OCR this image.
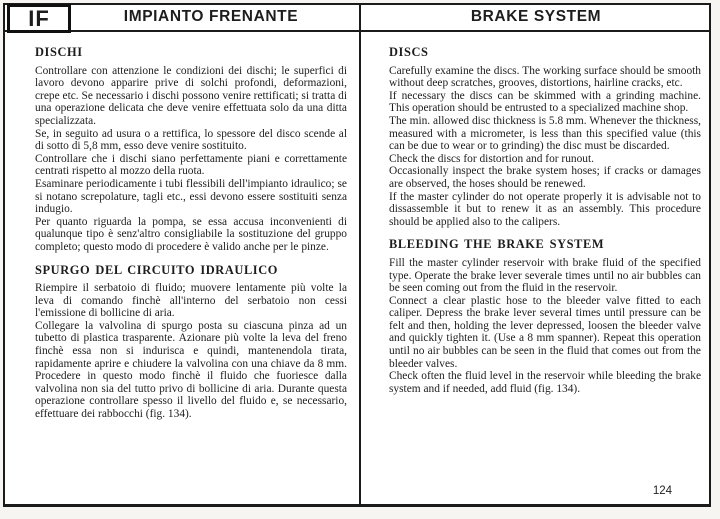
IF	IMPIANTO FRENANTE	BRAKE SYSTEM
DISCHI

Controllare con attenzione le condizioni dei dischi; le superfici di lavoro devono apparire prive di solchi profondi, deformazioni, crepe etc. Se necessario i dischi possono venire rettificati; si tratta di una operazione delicata che deve venire effettuata solo da una ditta specializzata.

Se, in seguito ad usura o a rettifica, lo spessore del disco scende al di sotto di 5,8 mm, esso deve venire sostituito.

Controllare che i dischi siano perfettamente piani e correttamente centrati rispetto al mozzo della ruota.

Esaminare periodicamente i tubi flessibili dell'impianto idraulico; se si notano screpolature, tagli etc., essi devono essere sostituiti senza indugio.

Per quanto riguarda la pompa, se essa accusa inconvenienti di qualunque tipo è senz'altro consigliabile la sostituzione del gruppo completo; questo modo di procedere è valido anche per le pinze.

SPURGO DEL CIRCUITO IDRAULICO

Riempire il serbatoio di fluido; muovere lentamente più volte la leva di comando finchè all'interno del serbatoio non cessi l'emissione di bollicine di aria.

Collegare la valvolina di spurgo posta su ciascuna pinza ad un tubetto di plastica trasparente. Azionare più volte la leva del freno finchè essa non si indurisca e quindi, mantenendola tirata, rapidamente aprire e chiudere la valvolina con una chiave da 8 mm. Procedere in questo modo finchè il fluido che fuoriesce dalla valvolina non sia del tutto privo di bollicine di aria. Durante questa operazione controllare spesso il livello del fluido e, se necessario, effettuare dei rabbocchi (fig. 134).

DISCS

Carefully examine the discs. The working surface should be smooth without deep scratches, grooves, distortions, hairline cracks, etc.

If necessary the discs can be skimmed with a grinding machine. This operation should be entrusted to a specialized machine shop.

The min. allowed disc thickness is 5.8 mm. Whenever the thickness, measured with a micrometer, is less than this specified value (this can be due to wear or to grinding) the disc must be discarded.

Check the discs for distortion and for runout.

Occasionally inspect the brake system hoses; if cracks or damages are observed, the hoses should be renewed.

If the master cylinder do not operate properly it is advisable not to dissassemble it but to renew it as an assembly. This procedure should be applied also to the calipers.

BLEEDING THE BRAKE SYSTEM

Fill the master cylinder reservoir with brake fluid of the specified type. Operate the brake lever severale times until no air bubbles can be seen coming out from the fluid in the reservoir.

Connect a clear plastic hose to the bleeder valve fitted to each caliper. Depress the brake lever several times until pressure can be felt and then, holding the lever depressed, loosen the bleeder valve and quickly tighten it. (Use a 8 mm spanner). Repeat this operation until no air bubbles can be seen in the fluid that comes out from the bleeder valves.

Check often the fluid level in the reservoir while bleeding the brake system and if needed, add fluid (fig. 134).

124
